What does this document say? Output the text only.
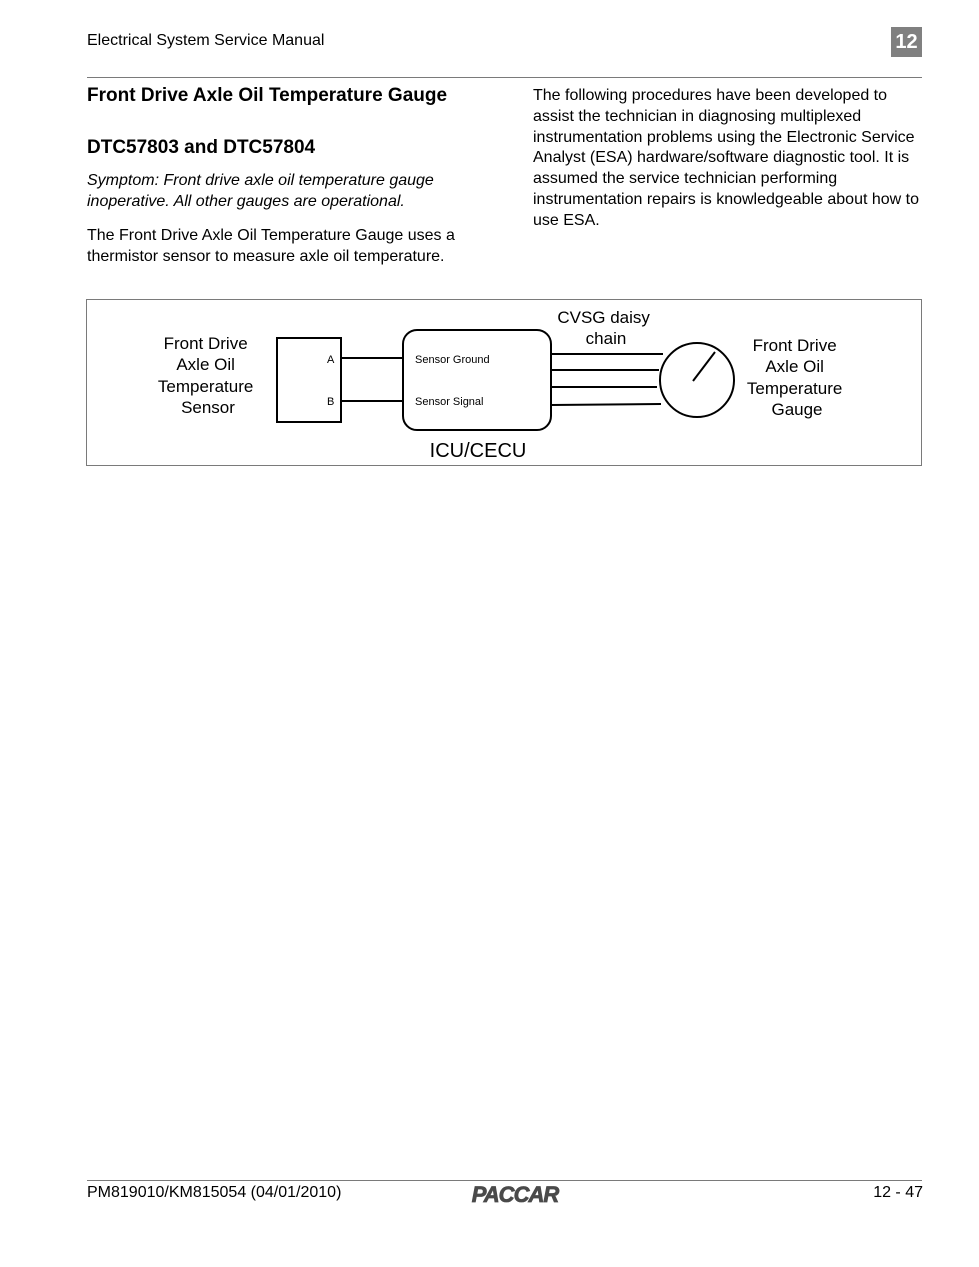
Electrical System Service Manual	12
Front Drive Axle Oil Temperature Gauge
DTC57803 and DTC57804

Symptom: Front drive axle oil temperature gauge inoperative. All other gauges are operational.

The Front Drive Axle Oil Temperature Gauge uses a thermistor sensor to measure axle oil temperature.

The following procedures have been developed to assist the technician in diagnosing multiplexed instrumentation problems using the Electronic Service Analyst (ESA) hardware/software diagnostic tool. It is assumed the service technician performing instrumentation repairs is knowledgeable about how to use ESA.

Front Drive Axle Oil Temperature Sensor
A
B
Sensor Ground
Sensor Signal
ICU/CECU
CVSG daisy chain	Front Drive Axle Oil Temperature Gauge
PM819010/KM815054 (04/01/2010)	PACCAR	12 - 47
